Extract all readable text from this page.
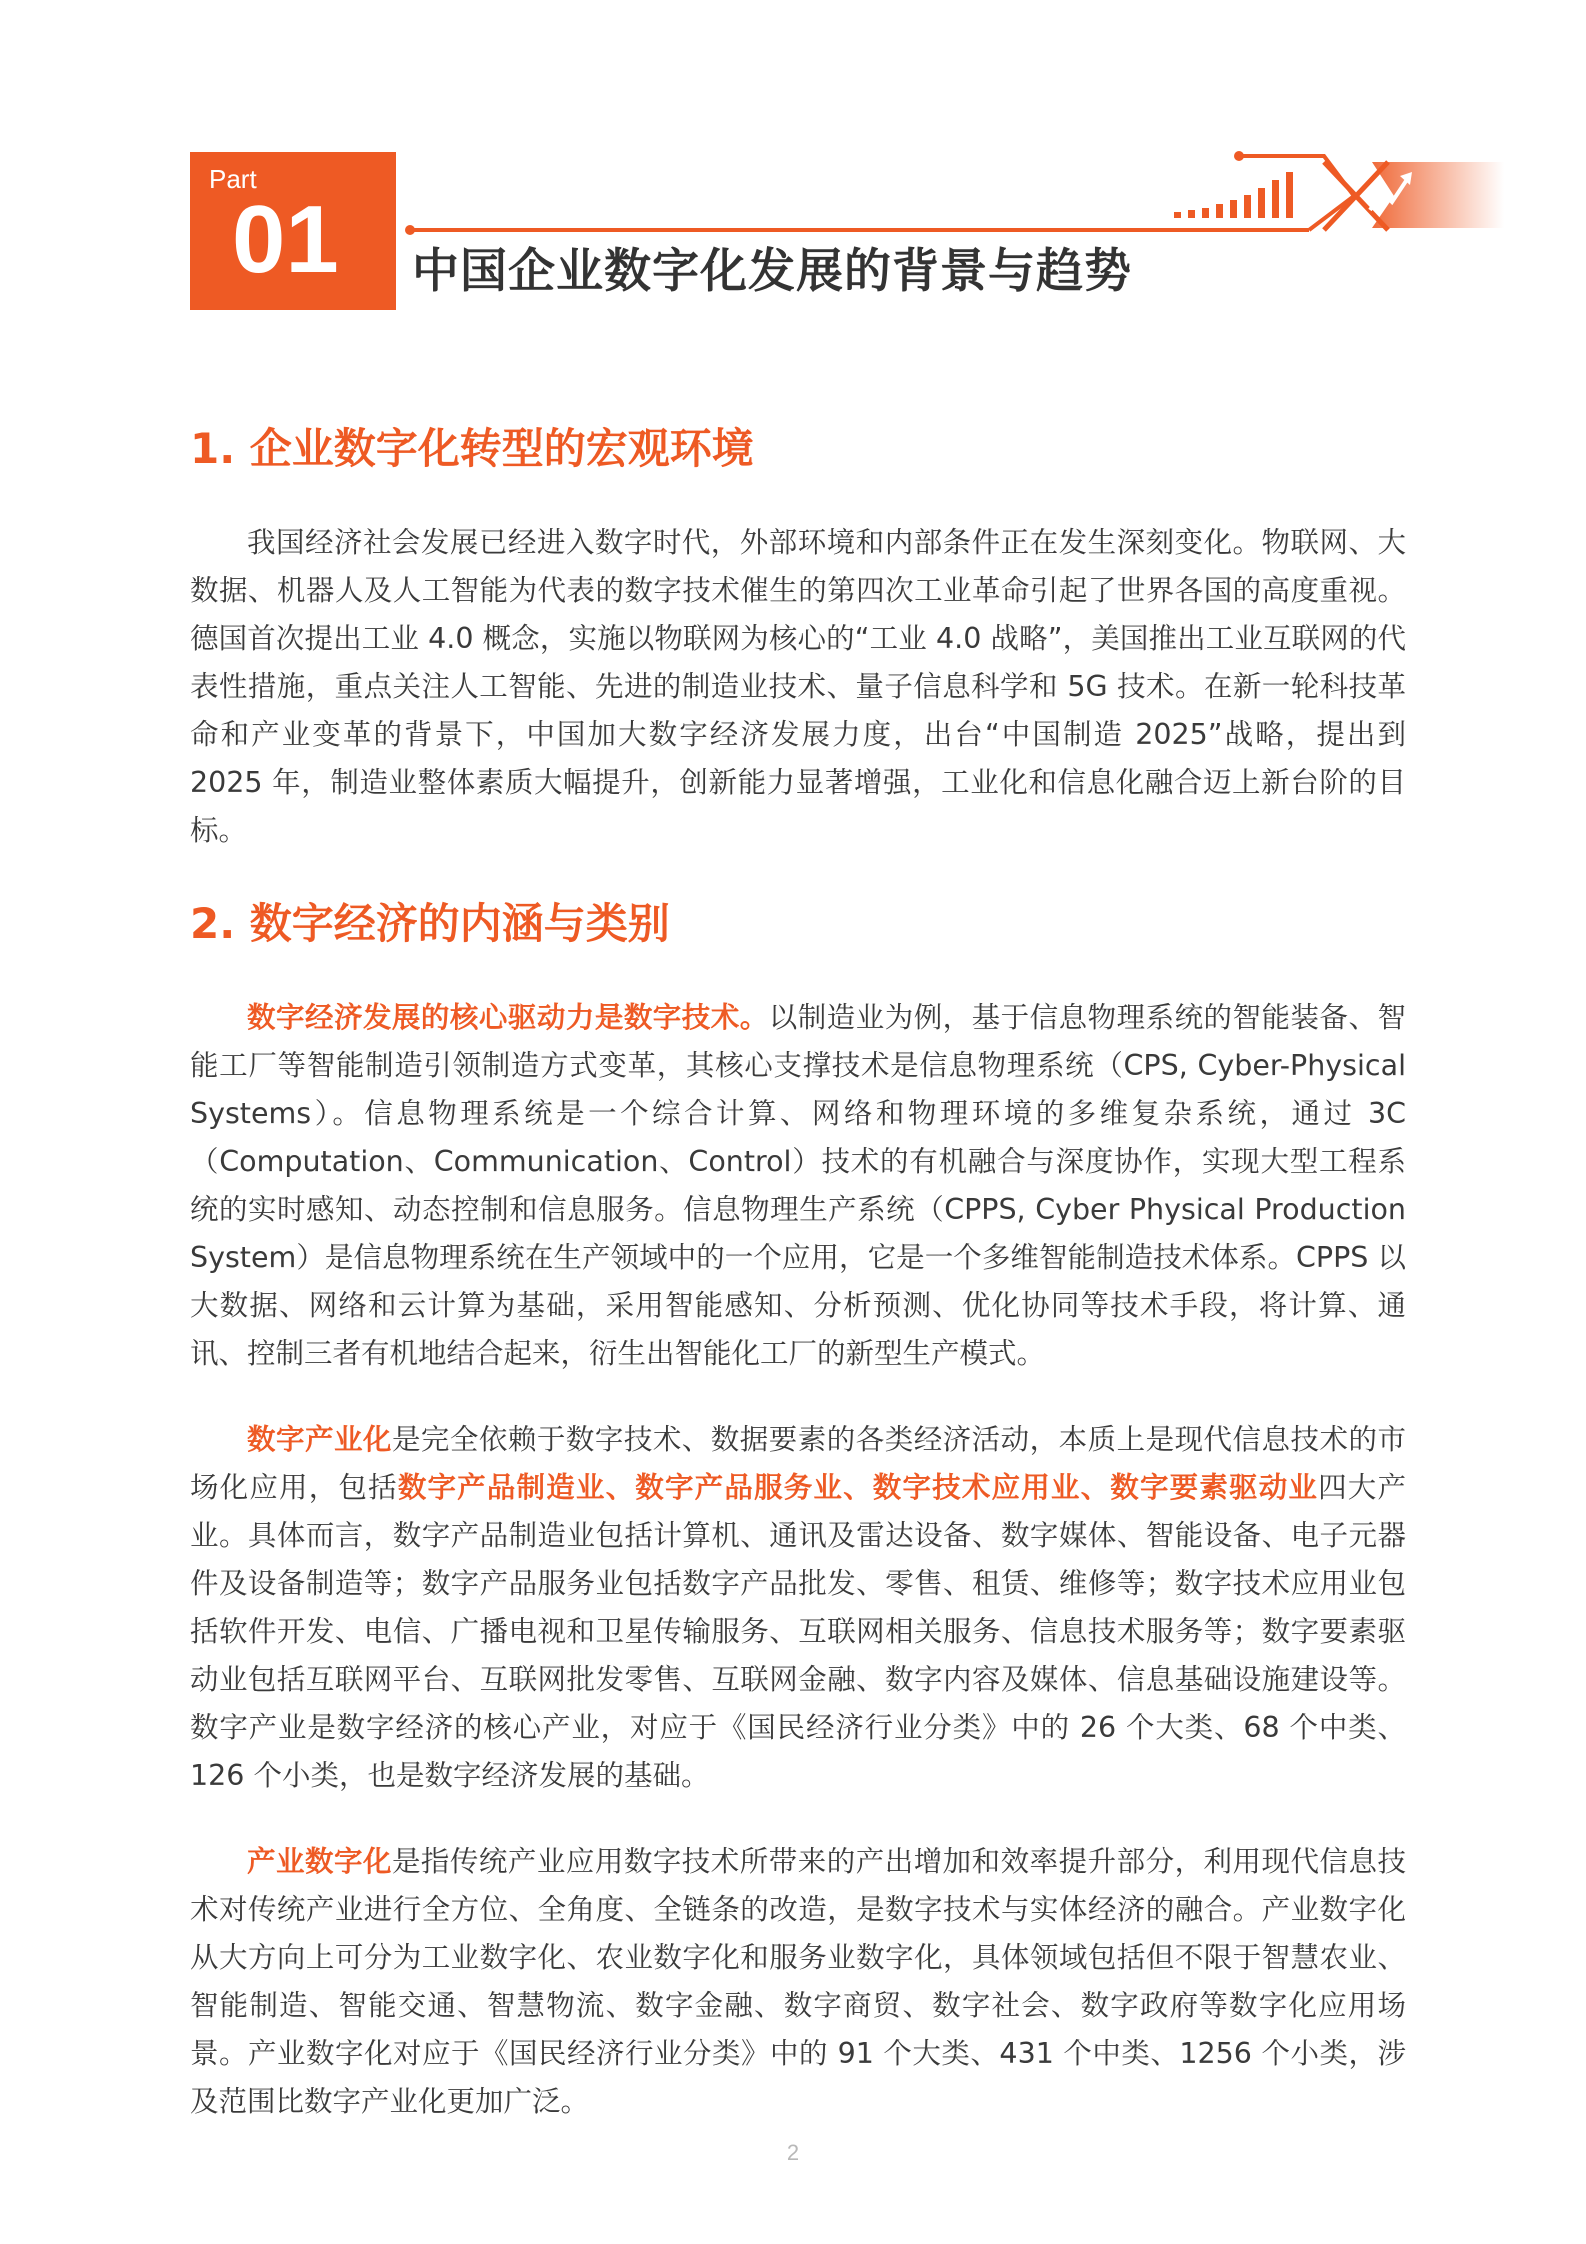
Part
01 中国企业数字化发展的背景与趋势
1. 企业数字化转型的宏观环境

我国经济社会发展已经进入数字时代，外部环境和内部条件正在发生深刻变化。物联网、大数据、机器人及人工智能为代表的数字技术催生的第四次工业革命引起了世界各国的高度重视。德国首次提出工业 4.0 概念，实施以物联网为核心的“工业 4.0 战略”，美国推出工业互联网的代表性措施，重点关注人工智能、先进的制造业技术、量子信息科学和 5G 技术。在新一轮科技革命和产业变革的背景下，中国加大数字经济发展力度，出台“中国制造 2025”战略，提出到 2025 年，制造业整体素质大幅提升，创新能力显著增强，工业化和信息化融合迈上新台阶的目标。

2. 数字经济的内涵与类别

数字经济发展的核心驱动力是数字技术。以制造业为例，基于信息物理系统的智能装备、智能工厂等智能制造引领制造方式变革，其核心支撑技术是信息物理系统（CPS, Cyber-Physical Systems）。信息物理系统是一个综合计算、网络和物理环境的多维复杂系统，通过 3C（Computation、Communication、Control）技术的有机融合与深度协作，实现大型工程系统的实时感知、动态控制和信息服务。信息物理生产系统（CPPS, Cyber Physical Production System）是信息物理系统在生产领域中的一个应用，它是一个多维智能制造技术体系。CPPS 以大数据、网络和云计算为基础，采用智能感知、分析预测、优化协同等技术手段，将计算、通讯、控制三者有机地结合起来，衍生出智能化工厂的新型生产模式。

数字产业化是完全依赖于数字技术、数据要素的各类经济活动，本质上是现代信息技术的市场化应用，包括数字产品制造业、数字产品服务业、数字技术应用业、数字要素驱动业四大产业。具体而言，数字产品制造业包括计算机、通讯及雷达设备、数字媒体、智能设备、电子元器件及设备制造等；数字产品服务业包括数字产品批发、零售、租赁、维修等；数字技术应用业包括软件开发、电信、广播电视和卫星传输服务、互联网相关服务、信息技术服务等；数字要素驱动业包括互联网平台、互联网批发零售、互联网金融、数字内容及媒体、信息基础设施建设等。数字产业是数字经济的核心产业，对应于《国民经济行业分类》中的 26 个大类、68 个中类、126 个小类，也是数字经济发展的基础。

产业数字化是指传统产业应用数字技术所带来的产出增加和效率提升部分，利用现代信息技术对传统产业进行全方位、全角度、全链条的改造，是数字技术与实体经济的融合。产业数字化从大方向上可分为工业数字化、农业数字化和服务业数字化，具体领域包括但不限于智慧农业、智能制造、智能交通、智慧物流、数字金融、数字商贸、数字社会、数字政府等数字化应用场景。产业数字化对应于《国民经济行业分类》中的 91 个大类、431 个中类、1256 个小类，涉及范围比数字产业化更加广泛。

2
